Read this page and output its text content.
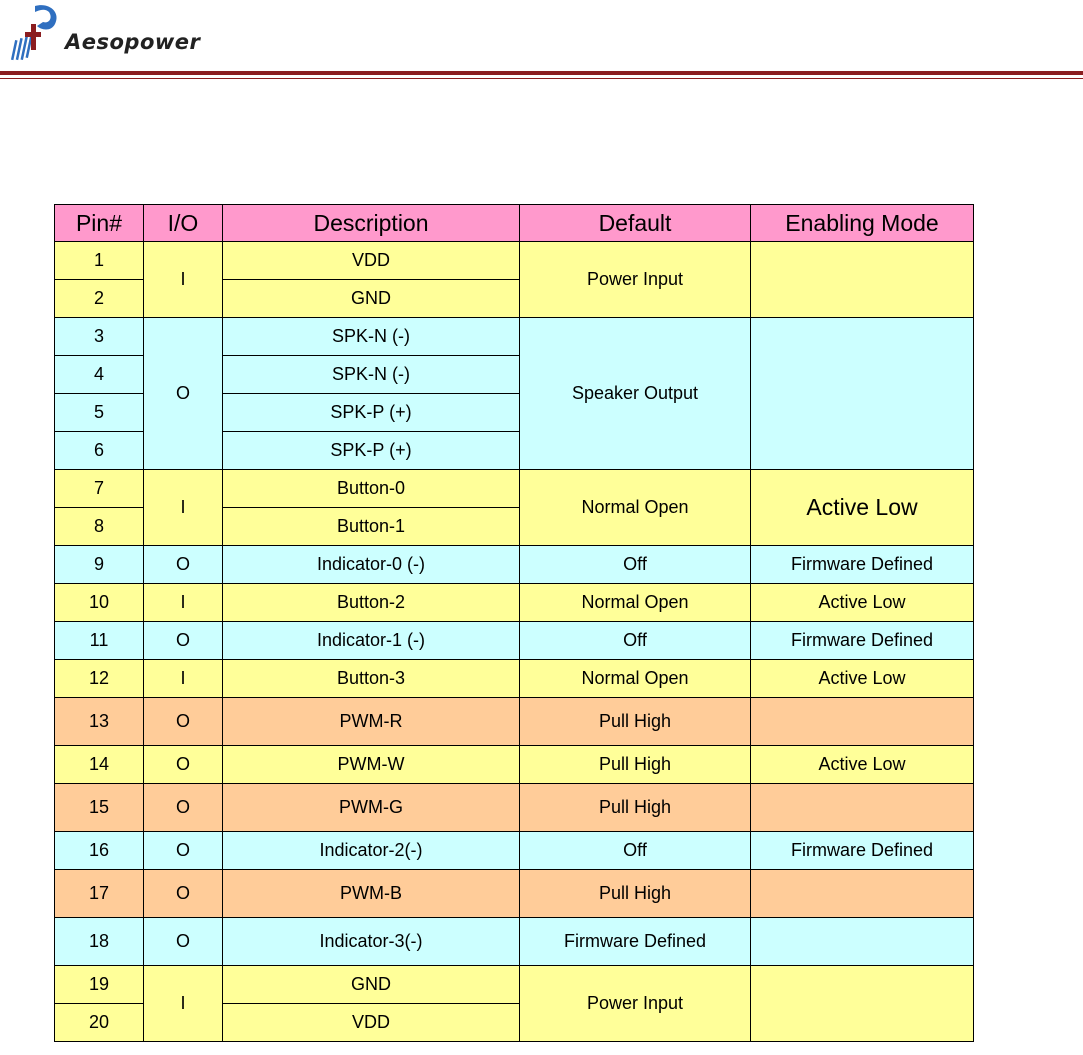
Aesopower
Pin#	I/O	Description	Default	Enabling Mode
1	I	VDD	Power Input	
2		GND		
3	O	SPK-N (-)	Speaker Output	
4		SPK-N (-)		
5		SPK-P (+)		
6		SPK-P (+)		
7	I	Button-0	Normal Open	Active Low
8		Button-1		
9	O	Indicator-0 (-)	Off	Firmware Defined
10	I	Button-2	Normal Open	Active Low
11	O	Indicator-1 (-)	Off	Firmware Defined
12	I	Button-3	Normal Open	Active Low
13	O	PWM-R	Pull High	
14	O	PWM-W	Pull High	Active Low
15	O	PWM-G	Pull High	
16	O	Indicator-2(-)	Off	Firmware Defined
17	O	PWM-B	Pull High	
18	O	Indicator-3(-)	Firmware Defined	
19	I	GND	Power Input	
20		VDD		
